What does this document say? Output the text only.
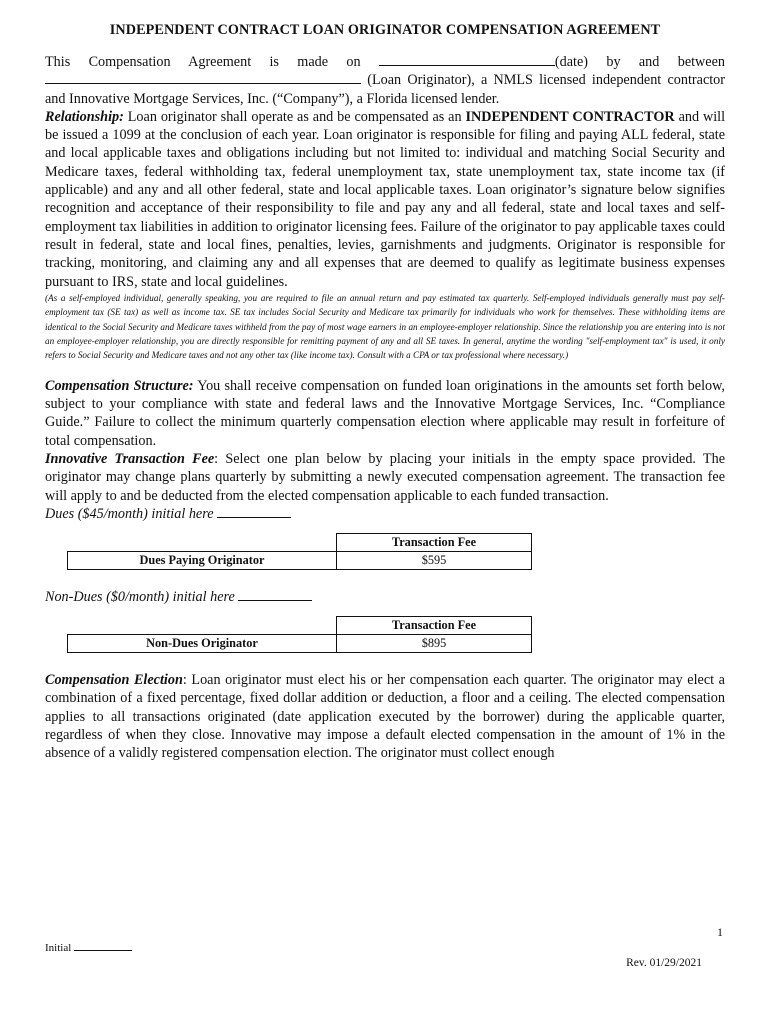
INDEPENDENT CONTRACT LOAN ORIGINATOR COMPENSATION AGREEMENT

This Compensation Agreement is made on	(date) by and between  (Loan Originator), a NMLS licensed independent contractor and Innovative Mortgage Services, Inc. (“Company”), a Florida licensed lender.

Relationship: Loan originator shall operate as and be compensated as an INDEPENDENT CONTRACTOR and will be issued a 1099 at the conclusion of each year. Loan originator is responsible for filing and paying ALL federal, state and local applicable taxes and obligations including but not limited to: individual and matching Social Security and Medicare taxes, federal withholding tax, federal unemployment tax, state unemployment tax, state income tax (if applicable) and any and all other federal, state and local applicable taxes. Loan originator’s signature below signifies recognition and acceptance of their responsibility to file and pay any and all federal, state and local taxes and self-employment tax liabilities in addition to originator licensing fees. Failure of the originator to pay applicable taxes could result in federal, state and local fines, penalties, levies, garnishments and judgments. Originator is responsible for tracking, monitoring, and claiming any and all expenses that are deemed to qualify as legitimate business expenses pursuant to IRS, state and local guidelines.

(As a self-employed individual, generally speaking, you are required to file an annual return and pay estimated tax quarterly. Self-employed individuals generally must pay self-employment tax (SE tax) as well as income tax. SE tax includes Social Security and Medicare tax primarily for individuals who work for themselves. These withholding items are identical to the Social Security and Medicare taxes withheld from the pay of most wage earners in an employee-employer relationship. Since the relationship you are entering into is not an employee-employer relationship, you are directly responsible for remitting payment of any and all SE taxes. In general, anytime the wording "self-employment tax" is used, it only refers to Social Security and Medicare taxes and not any other tax (like income tax). Consult with a CPA or tax professional where necessary.)

Compensation Structure: You shall receive compensation on funded loan originations in the amounts set forth below, subject to your compliance with state and federal laws and the Innovative Mortgage Services, Inc. “Compliance Guide.” Failure to collect the minimum quarterly compensation election where applicable may result in forfeiture of total compensation.

Innovative Transaction Fee: Select one plan below by placing your initials in the empty space provided. The originator may change plans quarterly by submitting a newly executed compensation agreement. The transaction fee will apply to and be deducted from the elected compensation applicable to each funded transaction.

Dues ($45/month) initial here

	Transaction Fee
Dues Paying Originator	$595

Non-Dues ($0/month) initial here

	Transaction Fee
Non-Dues Originator	$895

Compensation Election: Loan originator must elect his or her compensation each quarter. The originator may elect a combination of a fixed percentage, fixed dollar addition or deduction, a floor and a ceiling. The elected compensation applies to all transactions originated (date application executed by the borrower) during the applicable quarter, regardless of when they close. Innovative may impose a default elected compensation in the amount of 1% in the absence of a validly registered compensation election. The originator must collect enough

1
Initial
Rev. 01/29/2021
